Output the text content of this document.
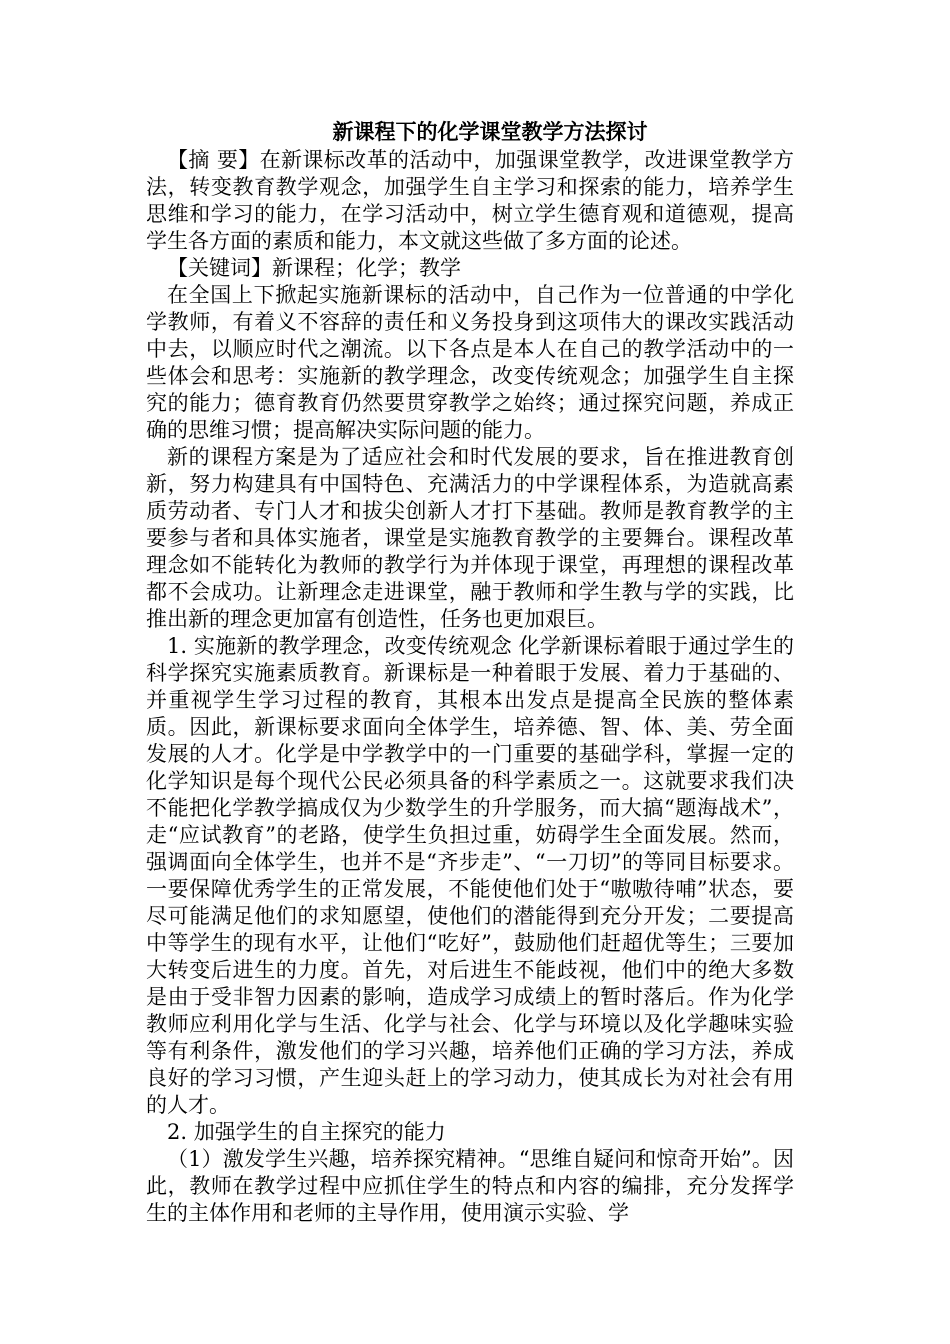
新课程下的化学课堂教学方法探讨

【摘 要】在新课标改革的活动中，加强课堂教学，改进课堂教学方法，转变教育教学观念，加强学生自主学习和探索的能力，培养学生思维和学习的能力，在学习活动中，树立学生德育观和道德观，提高学生各方面的素质和能力，本文就这些做了多方面的论述。

【关键词】新课程；化学；教学

在全国上下掀起实施新课标的活动中，自己作为一位普通的中学化学教师，有着义不容辞的责任和义务投身到这项伟大的课改实践活动中去，以顺应时代之潮流。以下各点是本人在自己的教学活动中的一些体会和思考：实施新的教学理念，改变传统观念；加强学生自主探究的能力；德育教育仍然要贯穿教学之始终；通过探究问题，养成正确的思维习惯；提高解决实际问题的能力。

新的课程方案是为了适应社会和时代发展的要求，旨在推进教育创新，努力构建具有中国特色、充满活力的中学课程体系，为造就高素质劳动者、专门人才和拔尖创新人才打下基础。教师是教育教学的主要参与者和具体实施者，课堂是实施教育教学的主要舞台。课程改革理念如不能转化为教师的教学行为并体现于课堂，再理想的课程改革都不会成功。让新理念走进课堂，融于教师和学生教与学的实践，比推出新的理念更加富有创造性，任务也更加艰巨。

1. 实施新的教学理念，改变传统观念 化学新课标着眼于通过学生的科学探究实施素质教育。新课标是一种着眼于发展、着力于基础的、并重视学生学习过程的教育，其根本出发点是提高全民族的整体素质。因此，新课标要求面向全体学生，培养德、智、体、美、劳全面发展的人才。化学是中学教学中的一门重要的基础学科，掌握一定的化学知识是每个现代公民必须具备的科学素质之一。这就要求我们决不能把化学教学搞成仅为少数学生的升学服务，而大搞“题海战术”，走“应试教育”的老路，使学生负担过重，妨碍学生全面发展。然而，强调面向全体学生，也并不是“齐步走”、“一刀切”的等同目标要求。一要保障优秀学生的正常发展，不能使他们处于“嗷嗷待哺”状态，要尽可能满足他们的求知愿望，使他们的潜能得到充分开发；二要提高中等学生的现有水平，让他们“吃好”，鼓励他们赶超优等生；三要加大转变后进生的力度。首先，对后进生不能歧视，他们中的绝大多数是由于受非智力因素的影响，造成学习成绩上的暂时落后。作为化学教师应利用化学与生活、化学与社会、化学与环境以及化学趣味实验等有利条件，激发他们的学习兴趣，培养他们正确的学习方法，养成良好的学习习惯，产生迎头赶上的学习动力，使其成长为对社会有用的人才。

2. 加强学生的自主探究的能力

（1）激发学生兴趣，培养探究精神。“思维自疑问和惊奇开始”。因此，教师在教学过程中应抓住学生的特点和内容的编排，充分发挥学生的主体作用和老师的主导作用，使用演示实验、学
